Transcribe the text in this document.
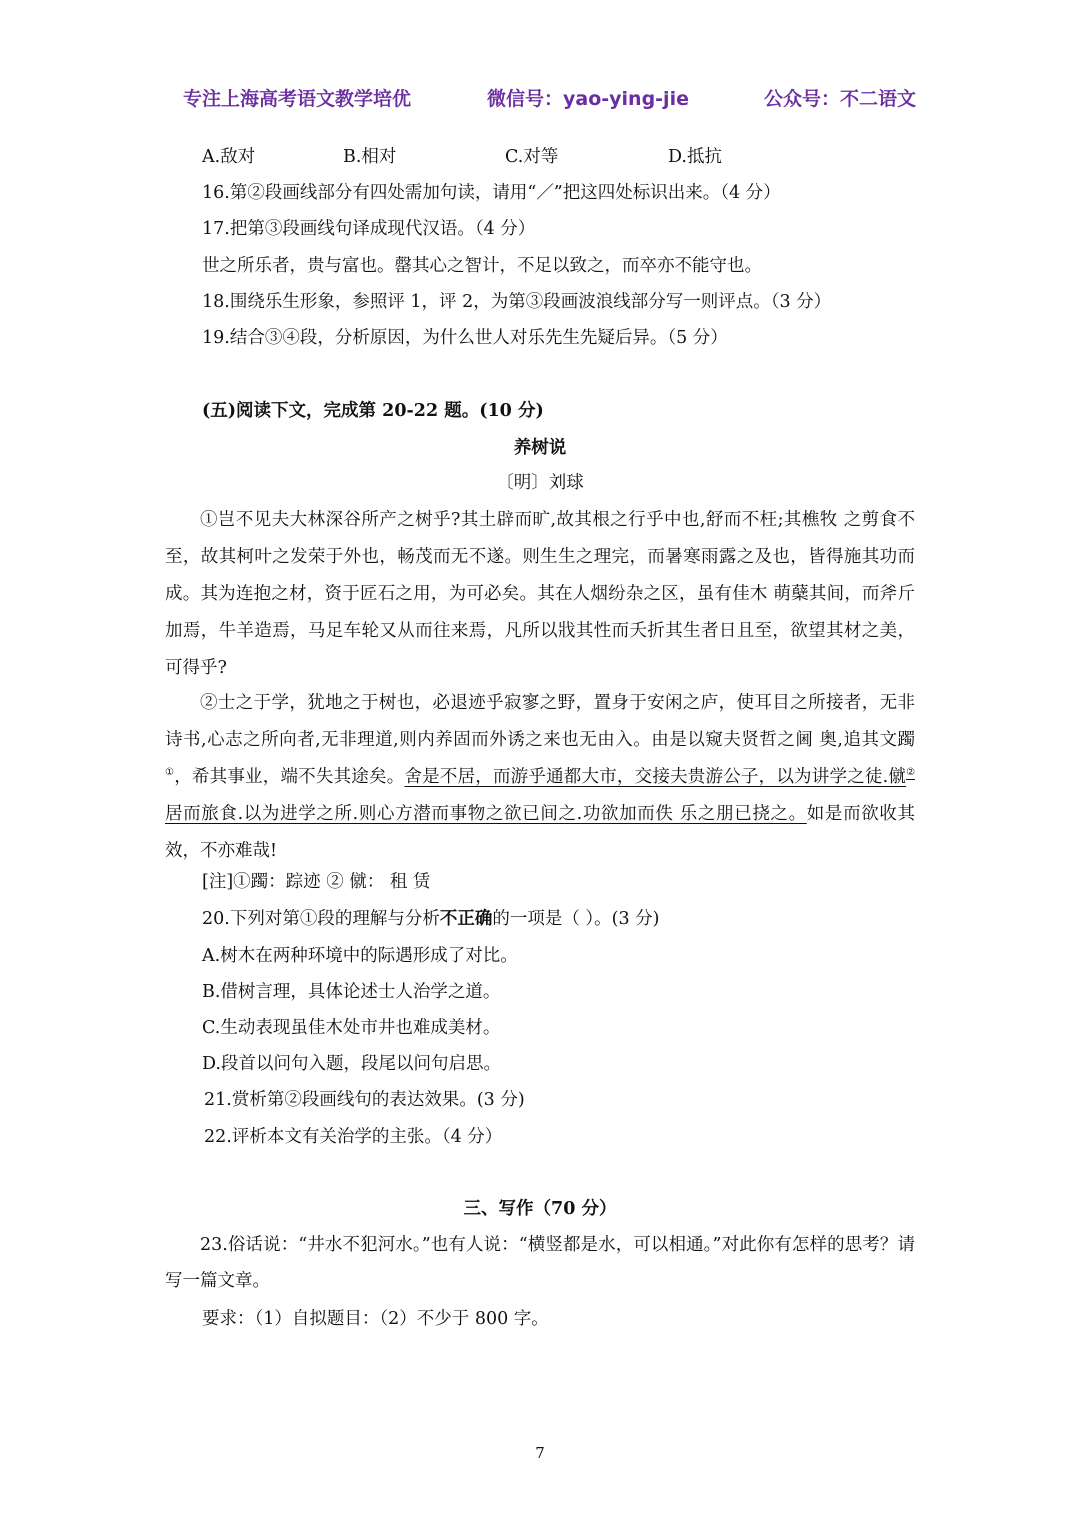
专注上海高考语文教学培优	微信号：yao-ying-jie	公众号：不二语文
A.敌对	B.相对	C.对等	D.抵抗
16.第②段画线部分有四处需加句读，请用“／”把这四处标识出来。（4 分）
17.把第③段画线句译成现代汉语。（4 分）
世之所乐者，贵与富也。罄其心之智计，不足以致之，而卒亦不能守也。
18.围绕乐生形象，参照评 1，评 2，为第③段画波浪线部分写一则评点。（3 分）
19.结合③④段，分析原因，为什么世人对乐先生先疑后异。（5 分）
(五)阅读下文，完成第 20-22 题。(10 分)
养树说
〔明〕刘球
①岂不见夫大林深谷所产之树乎?其土辟而旷,故其根之行乎中也,舒而不枉;其樵牧 之剪食不至，故其柯叶之发荣于外也，畅茂而无不遂。则生生之理完，而暑寒雨露之及也，皆得施其功而成。其为连抱之材，资于匠石之用，为可必矣。其在人烟纷杂之区，虽有佳木 萌蘖其间，而斧斤加焉，牛羊造焉，马足车轮又从而往来焉，凡所以戕其性而夭折其生者日且至，欲望其材之美，可得乎?
②士之于学，犹地之于树也，必退迹乎寂寥之野，置身于安闲之庐，使耳目之所接者，无非诗书,心志之所向者,无非理道,则内养固而外诱之来也无由入。由是以窥夫贤哲之阃 奥,追其文躅①，希其事业，端不失其途矣。舍是不居，而游乎通都大市，交接夫贵游公子，以为讲学之徒.僦②居而旅食.以为进学之所.则心方潜而事物之欲已间之.功欲加而佚 乐之朋已挠之。如是而欲收其效，不亦难哉!
[注]①躅：踪迹 ② 僦： 租 赁
20.下列对第①段的理解与分析不正确的一项是（ ）。(3 分)
A.树木在两种环境中的际遇形成了对比。
B.借树言理，具体论述士人治学之道。
C.生动表现虽佳木处市井也难成美材。
D.段首以问句入题，段尾以问句启思。
21.赏析第②段画线句的表达效果。(3 分)
22.评析本文有关治学的主张。（4 分）
三、写作（70 分）
23.俗话说：“井水不犯河水。”也有人说：“横竖都是水，可以相通。”对此你有怎样的思考？请写一篇文章。
要求：（1）自拟题目：（2）不少于 800 字。
7
